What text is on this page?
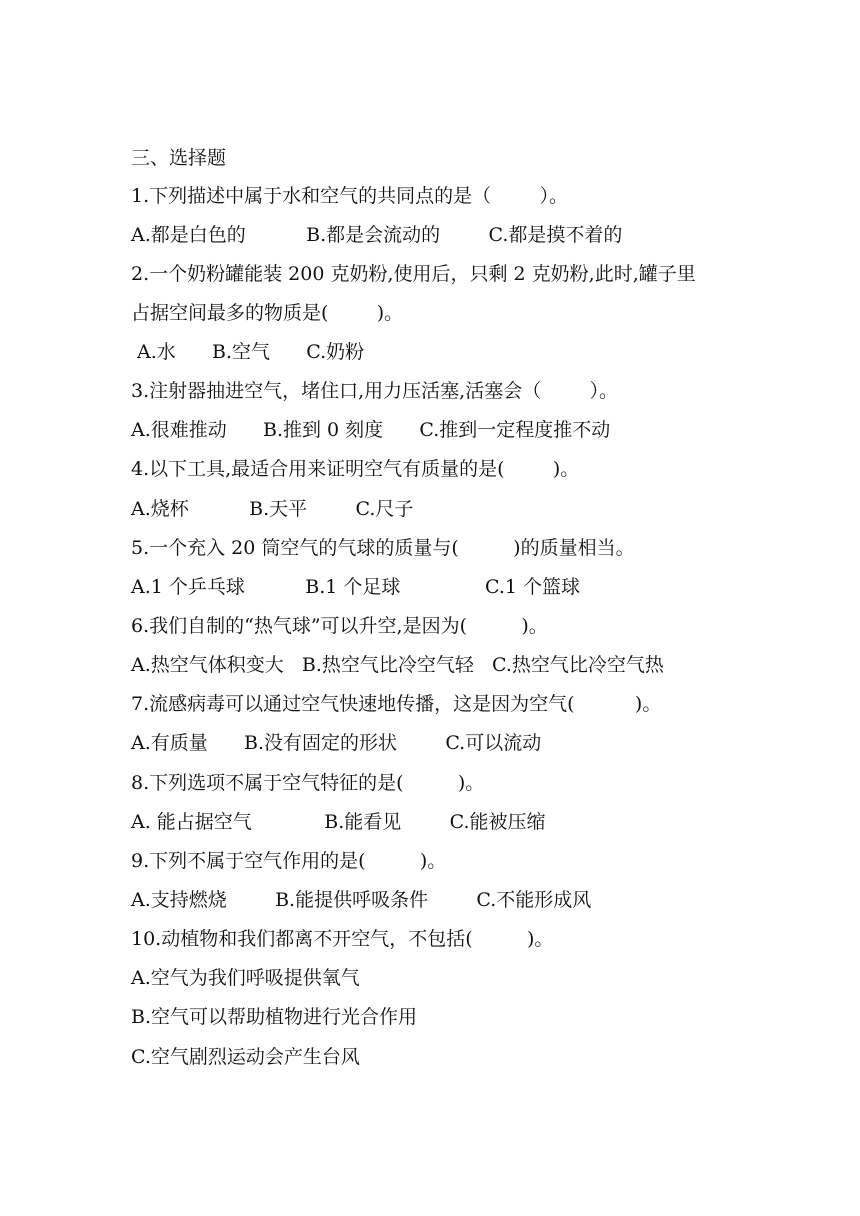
三、选择题
1.下列描述中属于水和空气的共同点的是（        ）。
A.都是白色的          B.都是会流动的        C.都是摸不着的
2.一个奶粉罐能装 200 克奶粉,使用后，只剩 2 克奶粉,此时,罐子里
占据空间最多的物质是(        )。
A.水      B.空气      C.奶粉
3.注射器抽进空气，堵住口,用力压活塞,活塞会（        ）。
A.很难推动      B.推到 0 刻度      C.推到一定程度推不动
4.以下工具,最适合用来证明空气有质量的是(        )。
A.烧杯          B.天平        C.尺子
5.一个充入 20 筒空气的气球的质量与(         )的质量相当。
A.1 个乒乓球          B.1 个足球              C.1 个篮球
6.我们自制的“热气球”可以升空,是因为(         )。
A.热空气体积变大   B.热空气比冷空气轻   C.热空气比冷空气热
7.流感病毒可以通过空气快速地传播，这是因为空气(          )。
A.有质量      B.没有固定的形状        C.可以流动
8.下列选项不属于空气特征的是(         )。
A. 能占据空气            B.能看见        C.能被压缩
9.下列不属于空气作用的是(         )。
A.支持燃烧        B.能提供呼吸条件        C.不能形成风
10.动植物和我们都离不开空气，不包括(         )。
A.空气为我们呼吸提供氧气
B.空气可以帮助植物进行光合作用
C.空气剧烈运动会产生台风
